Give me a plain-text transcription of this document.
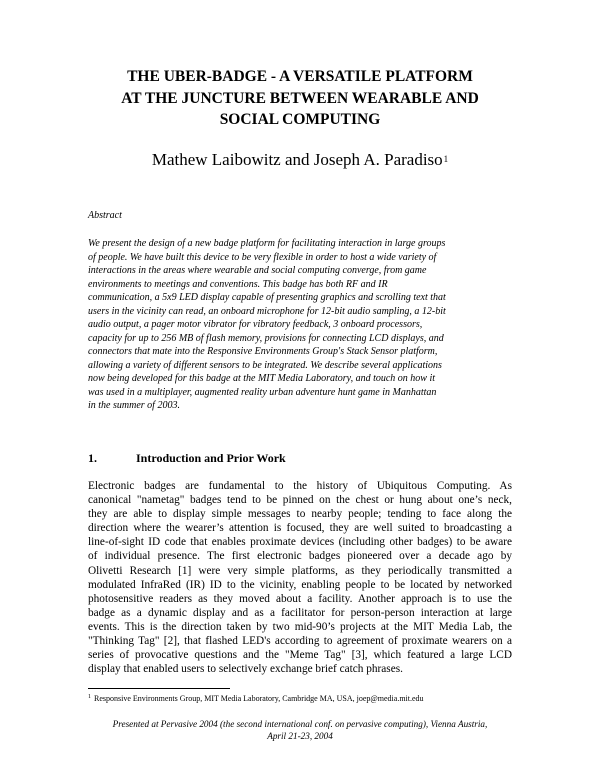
THE UBER-BADGE - A VERSATILE PLATFORM
AT THE JUNCTURE BETWEEN WEARABLE AND
SOCIAL COMPUTING

Mathew Laibowitz and Joseph A. Paradiso$^1$

Abstract

We present the design of a new badge platform for facilitating interaction in large groups
of people. We have built this device to be very flexible in order to host a wide variety of
interactions in the areas where wearable and social computing converge, from game
environments to meetings and conventions. This badge has both RF and IR
communication, a 5x9 LED display capable of presenting graphics and scrolling text that
users in the vicinity can read, an onboard microphone for 12-bit audio sampling, a 12-bit
audio output, a pager motor vibrator for vibratory feedback, 3 onboard processors,
capacity for up to 256 MB of flash memory, provisions for connecting LCD displays, and
connectors that mate into the Responsive Environments Group's Stack Sensor platform,
allowing a variety of different sensors to be integrated. We describe several applications
now being developed for this badge at the MIT Media Laboratory, and touch on how it
was used in a multiplayer, augmented reality urban adventure hunt game in Manhattan
in the summer of 2003.

1.	Introduction and Prior Work

Electronic badges are fundamental to the history of Ubiquitous Computing. As
canonical "nametag" badges tend to be pinned on the chest or hung about one’s neck,
they are able to display simple messages to nearby people; tending to face along the
direction where the wearer’s attention is focused, they are well suited to broadcasting a
line-of-sight ID code that enables proximate devices (including other badges) to be aware
of individual presence. The first electronic badges pioneered over a decade ago by
Olivetti Research [1] were very simple platforms, as they periodically transmitted a
modulated InfraRed (IR) ID to the vicinity, enabling people to be located by networked
photosensitive readers as they moved about a facility. Another approach is to use the
badge as a dynamic display and as a facilitator for person-person interaction at large
events. This is the direction taken by two mid-90’s projects at the MIT Media Lab, the
"Thinking Tag" [2], that flashed LED's according to agreement of proximate wearers on a
series of provocative questions and the "Meme Tag" [3], which featured a large LCD
display that enabled users to selectively exchange brief catch phrases.

$^1$ Responsive Environments Group, MIT Media Laboratory, Cambridge MA, USA, joep@media.mit.edu

Presented at Pervasive 2004 (the second international conf. on pervasive computing), Vienna Austria,
April 21-23, 2004
